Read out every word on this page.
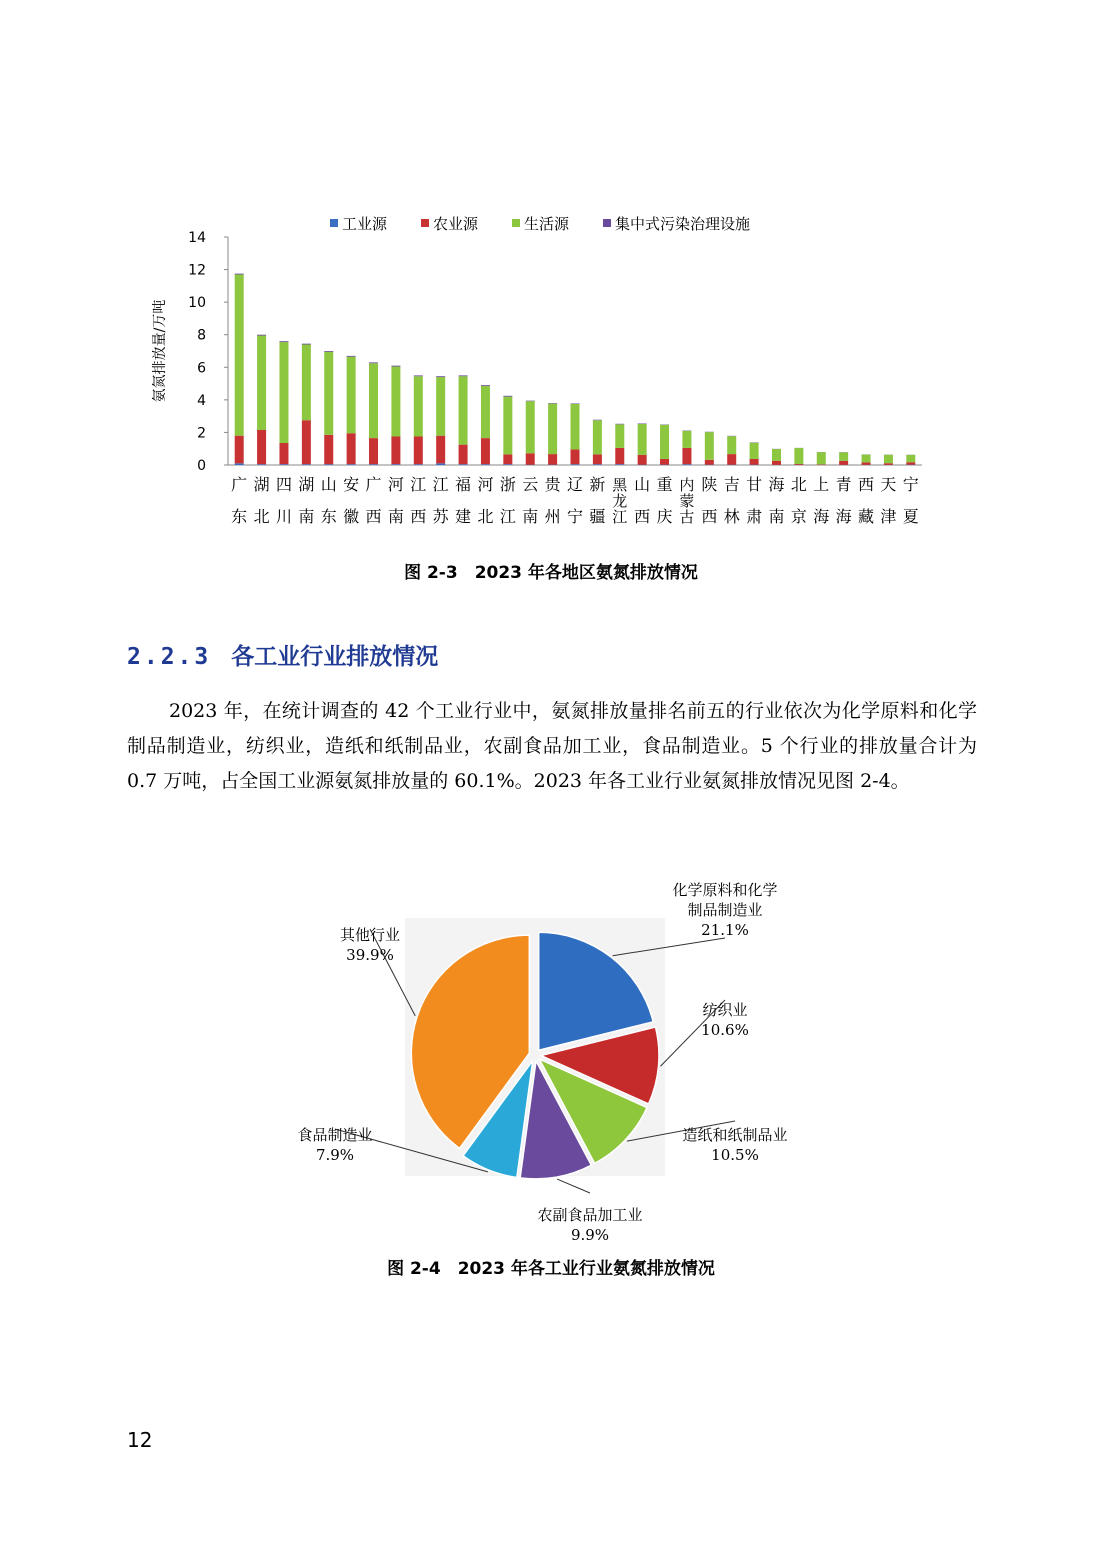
工业源	农业源	生活源	集中式污染治理设施
0
2
4
6
8
10
12
14
氨氮排放量/万吨
广
东
湖
北
四
川
湖
南
山
东
安
徽
广
西
河
南
江
西
江
苏
福
建
河
北
浙
江
云
南
贵
州
辽
宁
新
疆
黑
龙
江
山
西
重
庆
内
蒙
古
陕
西
吉
林
甘
肃
海
南
北
京
上
海
青
海
西
藏
天
津
宁
夏
图 2-3　2023 年各地区氨氮排放情况
2.2.3 各工业行业排放情况
2023 年，在统计调查的 42 个工业行业中，氨氮排放量排名前五的行业依次为化学原料和化学制品制造业，纺织业，造纸和纸制品业，农副食品加工业，食品制造业。5 个行业的排放量合计为 0.7 万吨，占全国工业源氨氮排放量的 60.1%。2023 年各工业行业氨氮排放情况见图 2-4。
化学原料和化学
制品制造业
21.1%
纺织业
10.6%
造纸和纸制品业
10.5%
农副食品加工业
9.9%
食品制造业
7.9%
其他行业
39.9%
图 2-4　2023 年各工业行业氨氮排放情况
12
